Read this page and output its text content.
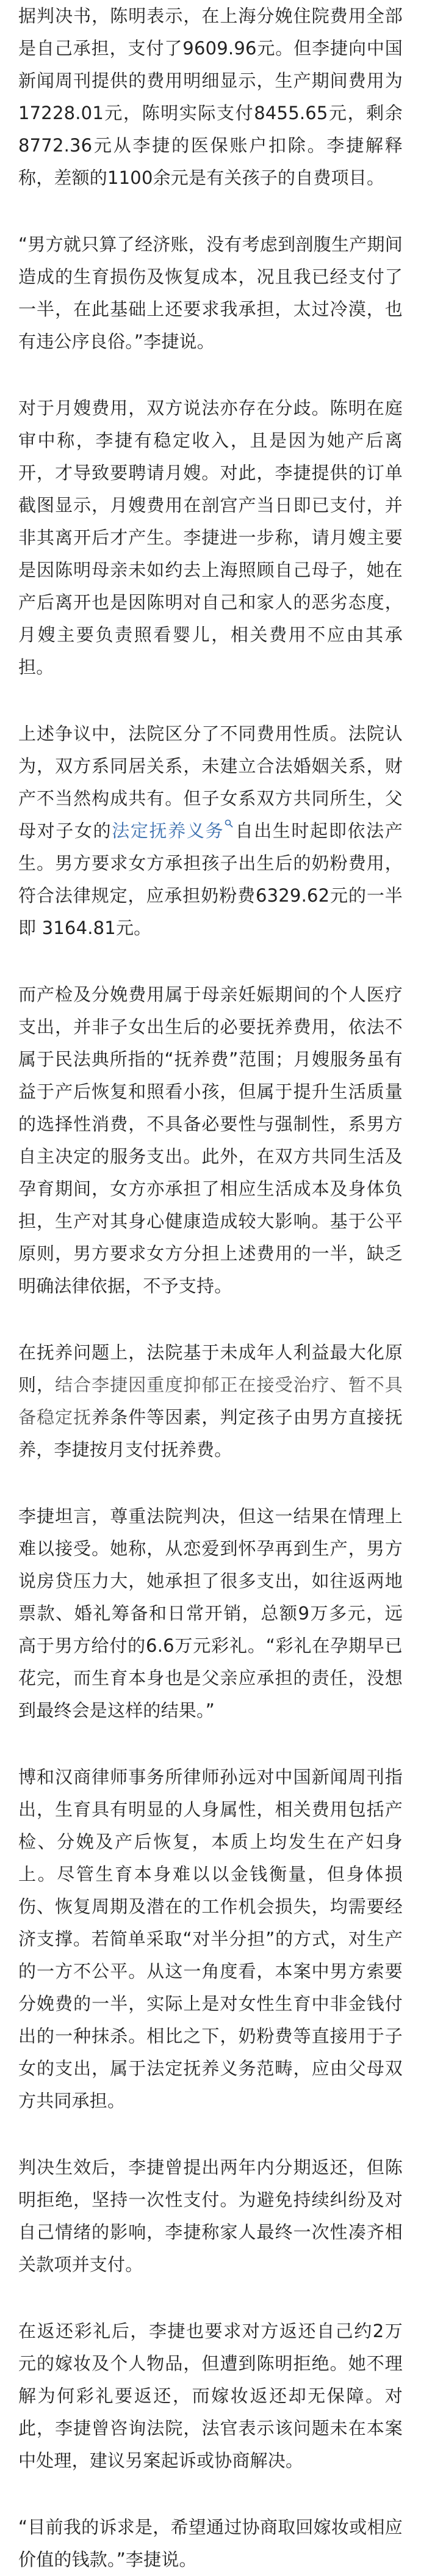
据判决书，陈明表示，在上海分娩住院费用全部是自己承担，支付了9609.96元。但李捷向中国新闻周刊提供的费用明细显示，生产期间费用为17228.01元，陈明实际支付8455.65元，剩余8772.36元从李捷的医保账户扣除。李捷解释称，差额的1100余元是有关孩子的自费项目。

“男方就只算了经济账，没有考虑到剖腹生产期间造成的生育损伤及恢复成本，况且我已经支付了一半，在此基础上还要求我承担，太过冷漠，也有违公序良俗。”李捷说。

对于月嫂费用，双方说法亦存在分歧。陈明在庭审中称，李捷有稳定收入，且是因为她产后离开，才导致要聘请月嫂。对此，李捷提供的订单截图显示，月嫂费用在剖宫产当日即已支付，并非其离开后才产生。李捷进一步称，请月嫂主要是因陈明母亲未如约去上海照顾自己母子，她在产后离开也是因陈明对自己和家人的恶劣态度，月嫂主要负责照看婴儿，相关费用不应由其承担。

上述争议中，法院区分了不同费用性质。法院认为，双方系同居关系，未建立合法婚姻关系，财产不当然构成共有。但子女系双方共同所生，父母对子女的法定抚养义务 自出生时起即依法产生。男方要求女方承担孩子出生后的奶粉费用，符合法律规定，应承担奶粉费6329.62元的一半即 3164.81元。

而产检及分娩费用属于母亲妊娠期间的个人医疗支出，并非子女出生后的必要抚养费用，依法不属于民法典所指的“抚养费”范围；月嫂服务虽有益于产后恢复和照看小孩，但属于提升生活质量的选择性消费，不具备必要性与强制性，系男方自主决定的服务支出。此外，在双方共同生活及孕育期间，女方亦承担了相应生活成本及身体负担，生产对其身心健康造成较大影响。基于公平原则，男方要求女方分担上述费用的一半，缺乏明确法律依据，不予支持。

在抚养问题上，法院基于未成年人利益最大化原则，结合李捷因重度抑郁正在接受治疗、暂不具备稳定抚养条件等因素，判定孩子由男方直接抚养，李捷按月支付抚养费。

李捷坦言，尊重法院判决，但这一结果在情理上难以接受。她称，从恋爱到怀孕再到生产，男方说房贷压力大，她承担了很多支出，如往返两地票款、婚礼筹备和日常开销，总额9万多元，远高于男方给付的6.6万元彩礼。“彩礼在孕期早已花完，而生育本身也是父亲应承担的责任，没想到最终会是这样的结果。”

博和汉商律师事务所律师孙远对中国新闻周刊指出，生育具有明显的人身属性，相关费用包括产检、分娩及产后恢复，本质上均发生在产妇身上。尽管生育本身难以以金钱衡量，但身体损伤、恢复周期及潜在的工作机会损失，均需要经济支撑。若简单采取“对半分担”的方式，对生产的一方不公平。从这一角度看，本案中男方索要分娩费的一半，实际上是对女性生育中非金钱付出的一种抹杀。相比之下，奶粉费等直接用于子女的支出，属于法定抚养义务范畴，应由父母双方共同承担。

判决生效后，李捷曾提出两年内分期返还，但陈明拒绝，坚持一次性支付。为避免持续纠纷及对自己情绪的影响，李捷称家人最终一次性凑齐相关款项并支付。

在返还彩礼后，李捷也要求对方返还自己约2万元的嫁妆及个人物品，但遭到陈明拒绝。她不理解为何彩礼要返还，而嫁妆返还却无保障。对此，李捷曾咨询法院，法官表示该问题未在本案中处理，建议另案起诉或协商解决。

“目前我的诉求是，希望通过协商取回嫁妆或相应价值的钱款。”李捷说。
